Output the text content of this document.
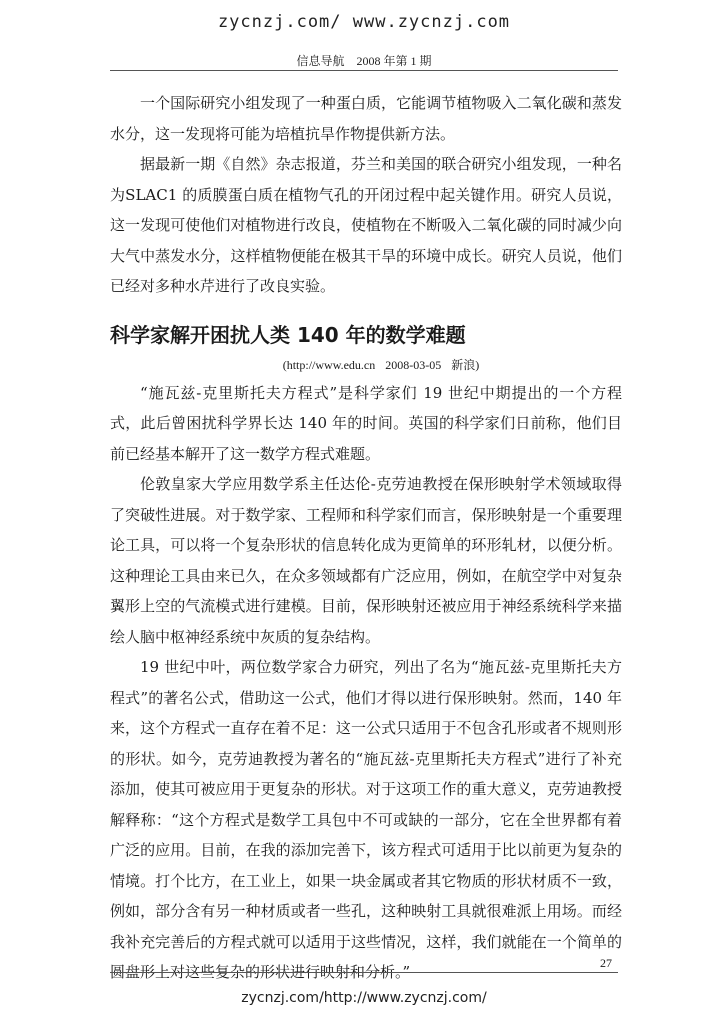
zycnzj.com/ www.zycnzj.com
信息导航 2008 年第 1 期

一个国际研究小组发现了一种蛋白质，它能调节植物吸入二氧化碳和蒸发水分，这一发现将可能为培植抗旱作物提供新方法。

据最新一期《自然》杂志报道，芬兰和美国的联合研究小组发现，一种名为SLAC1 的质膜蛋白质在植物气孔的开闭过程中起关键作用。研究人员说，这一发现可使他们对植物进行改良，使植物在不断吸入二氧化碳的同时减少向大气中蒸发水分，这样植物便能在极其干旱的环境中成长。研究人员说，他们已经对多种水芹进行了改良实验。

科学家解开困扰人类 140 年的数学难题
(http://www.edu.cn 2008-03-05 新浪)

“施瓦兹-克里斯托夫方程式”是科学家们 19 世纪中期提出的一个方程式，此后曾困扰科学界长达 140 年的时间。英国的科学家们日前称，他们目前已经基本解开了这一数学方程式难题。

伦敦皇家大学应用数学系主任达伦-克劳迪教授在保形映射学术领域取得了突破性进展。对于数学家、工程师和科学家们而言，保形映射是一个重要理论工具，可以将一个复杂形状的信息转化成为更简单的环形轧材，以便分析。这种理论工具由来已久，在众多领域都有广泛应用，例如，在航空学中对复杂翼形上空的气流模式进行建模。目前，保形映射还被应用于神经系统科学来描绘人脑中枢神经系统中灰质的复杂结构。

19 世纪中叶，两位数学家合力研究，列出了名为“施瓦兹-克里斯托夫方程式”的著名公式，借助这一公式，他们才得以进行保形映射。然而，140 年来，这个方程式一直存在着不足：这一公式只适用于不包含孔形或者不规则形的形状。如今，克劳迪教授为著名的“施瓦兹-克里斯托夫方程式”进行了补充添加，使其可被应用于更复杂的形状。对于这项工作的重大意义，克劳迪教授解释称：“这个方程式是数学工具包中不可或缺的一部分，它在全世界都有着广泛的应用。目前，在我的添加完善下，该方程式可适用于比以前更为复杂的情境。打个比方，在工业上，如果一块金属或者其它物质的形状材质不一致，例如，部分含有另一种材质或者一些孔，这种映射工具就很难派上用场。而经我补充完善后的方程式就可以适用于这些情况，这样，我们就能在一个简单的圆盘形上对这些复杂的形状进行映射和分析。”	27
zycnzj.com/http://www.zycnzj.com/
